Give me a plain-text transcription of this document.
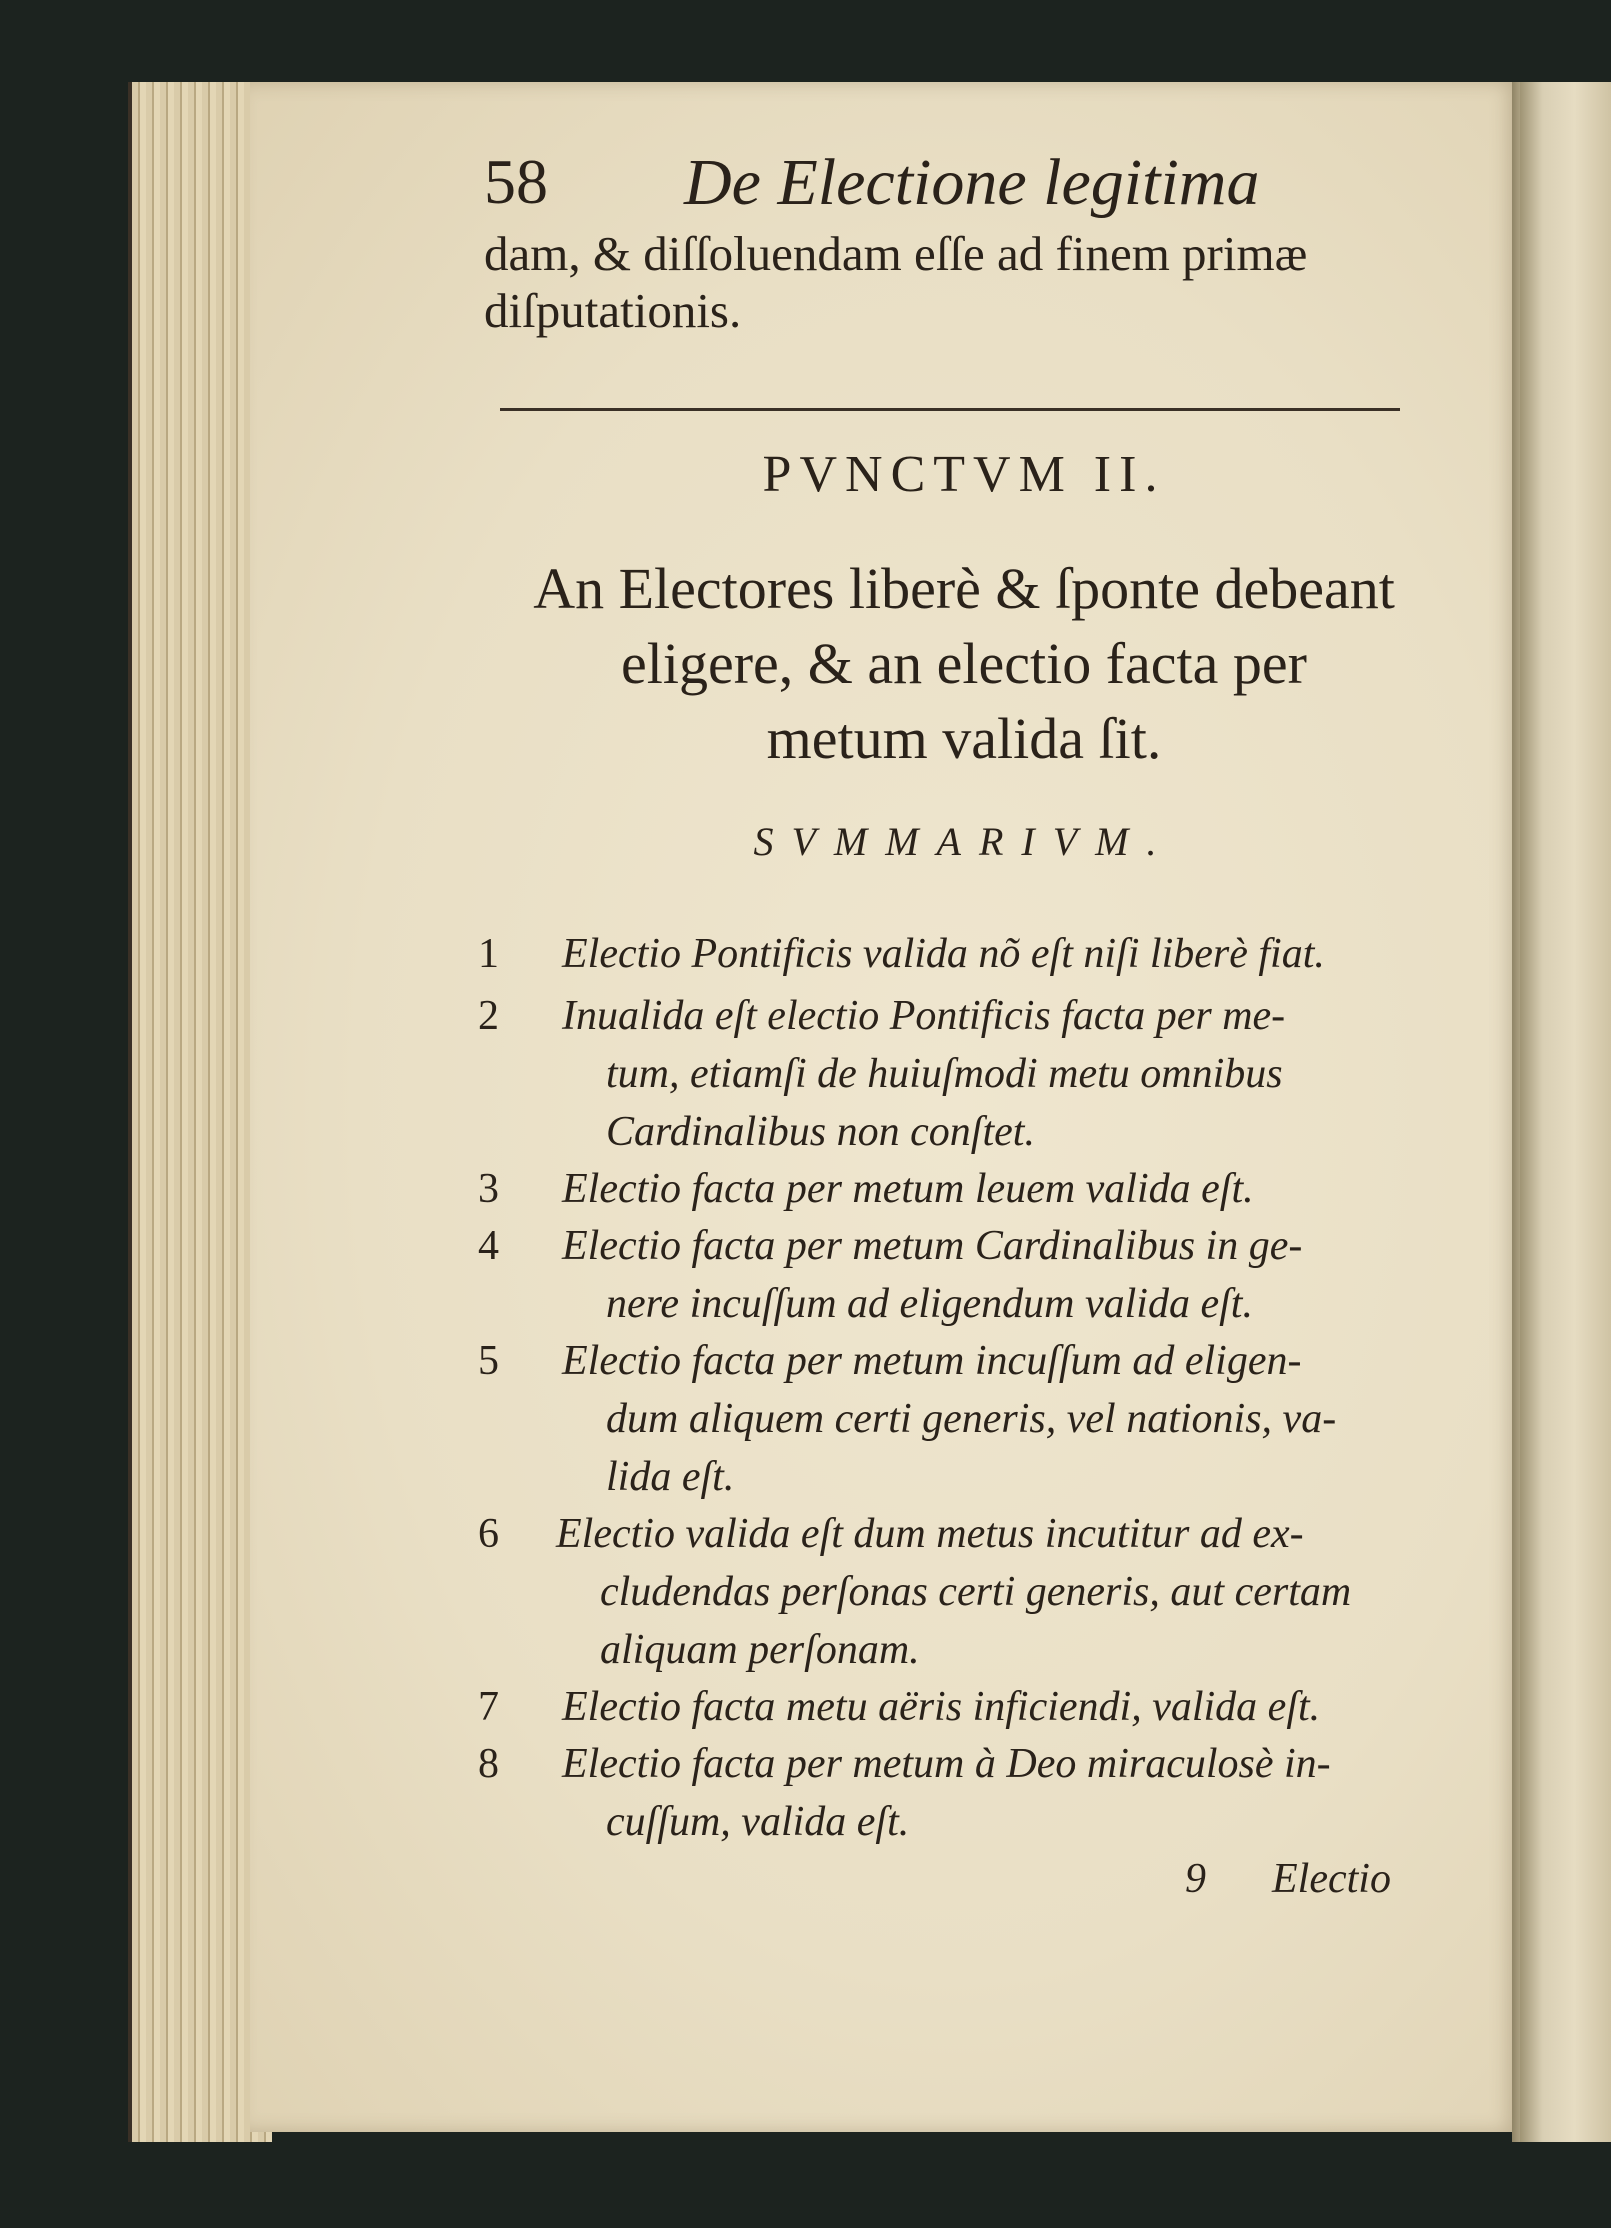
58 De Electione legitima
dam, & diſſoluendam eſſe ad finem primæ
diſputationis.
PVNCTVM II.
An Electores liberè & ſponte debeant
eligere, & an electio facta per
metum valida ſit.
SVMMARIVM.
1 Electio Pontificis valida nõ eſt niſi liberè fiat.
2 Inualida eſt electio Pontificis facta per me-
tum, etiamſi de huiuſmodi metu omnibus
Cardinalibus non conſtet.
3 Electio facta per metum leuem valida eſt.
4 Electio facta per metum Cardinalibus in ge-
nere incuſſum ad eligendum valida eſt.
5 Electio facta per metum incuſſum ad eligen-
dum aliquem certi generis, vel nationis, va-
lida eſt.
6 Electio valida eſt dum metus incutitur ad ex-
cludendas perſonas certi generis, aut certam
aliquam perſonam.
7 Electio facta metu aëris inficiendi, valida eſt.
8 Electio facta per metum à Deo miraculosè in-
cuſſum, valida eſt.
9 Electio
